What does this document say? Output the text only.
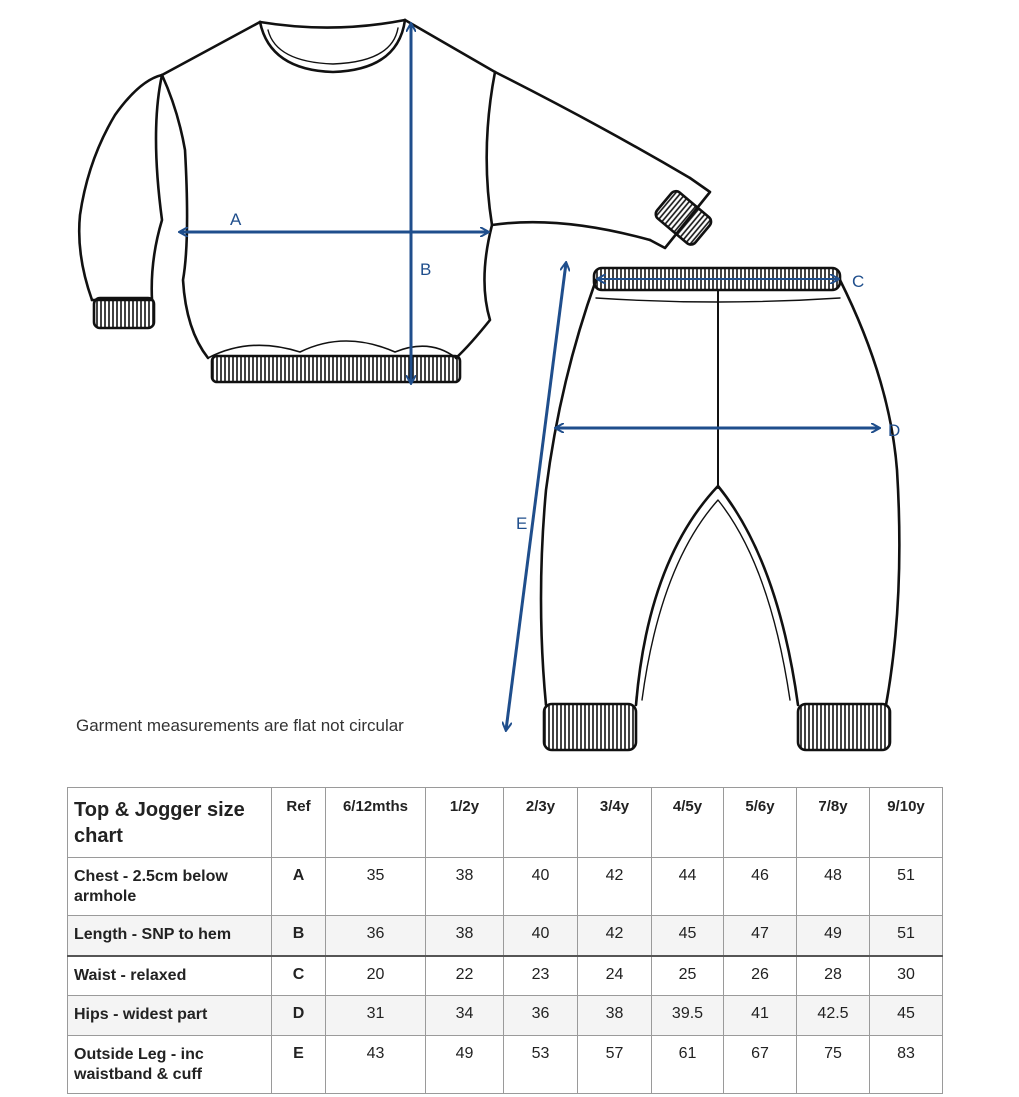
A
B
C
D
E
Garment measurements are flat not circular
Top & Jogger size chart	Ref	6/12mths	1/2y	2/3y	3/4y	4/5y	5/6y	7/8y	9/10y
Chest - 2.5cm below armhole	A	35	38	40	42	44	46	48	51
Length - SNP to hem	B	36	38	40	42	45	47	49	51
Waist - relaxed	C	20	22	23	24	25	26	28	30
Hips - widest part	D	31	34	36	38	39.5	41	42.5	45
Outside Leg - inc waistband & cuff	E	43	49	53	57	61	67	75	83
